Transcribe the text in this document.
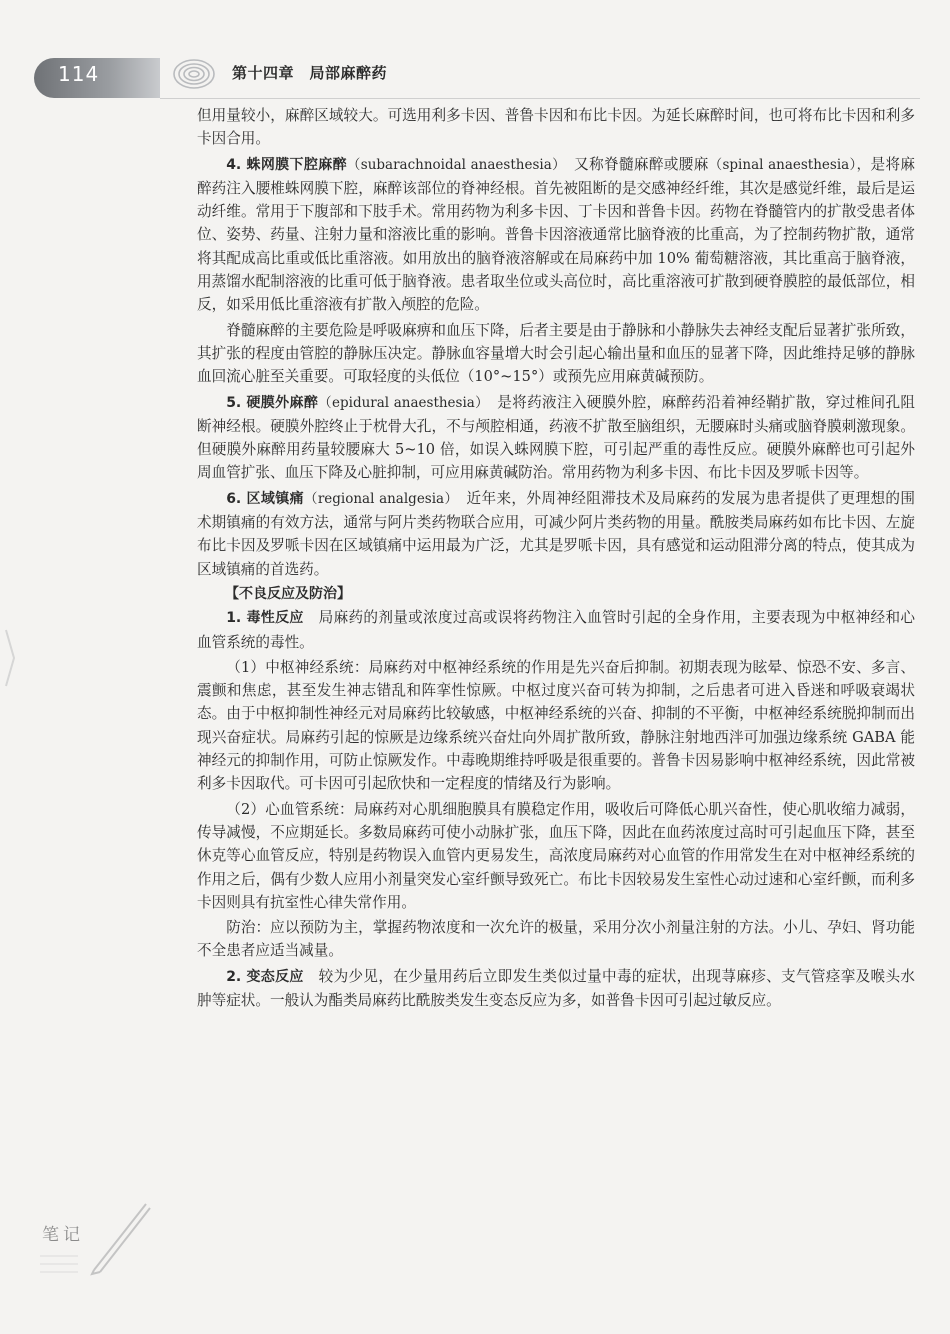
114	第十四章　局部麻醉药

但用量较小，麻醉区域较大。可选用利多卡因、普鲁卡因和布比卡因。为延长麻醉时间，也可将布比卡因和利多卡因合用。

4. 蛛网膜下腔麻醉（subarachnoidal anaesthesia）　又称脊髓麻醉或腰麻（spinal anaesthesia），是将麻醉药注入腰椎蛛网膜下腔，麻醉该部位的脊神经根。首先被阻断的是交感神经纤维，其次是感觉纤维，最后是运动纤维。常用于下腹部和下肢手术。常用药物为利多卡因、丁卡因和普鲁卡因。药物在脊髓管内的扩散受患者体位、姿势、药量、注射力量和溶液比重的影响。普鲁卡因溶液通常比脑脊液的比重高，为了控制药物扩散，通常将其配成高比重或低比重溶液。如用放出的脑脊液溶解或在局麻药中加 10% 葡萄糖溶液，其比重高于脑脊液，用蒸馏水配制溶液的比重可低于脑脊液。患者取坐位或头高位时，高比重溶液可扩散到硬脊膜腔的最低部位，相反，如采用低比重溶液有扩散入颅腔的危险。

脊髓麻醉的主要危险是呼吸麻痹和血压下降，后者主要是由于静脉和小静脉失去神经支配后显著扩张所致，其扩张的程度由管腔的静脉压决定。静脉血容量增大时会引起心输出量和血压的显著下降，因此维持足够的静脉血回流心脏至关重要。可取轻度的头低位（10°~15°）或预先应用麻黄碱预防。

5. 硬膜外麻醉（epidural anaesthesia）　是将药液注入硬膜外腔，麻醉药沿着神经鞘扩散，穿过椎间孔阻断神经根。硬膜外腔终止于枕骨大孔，不与颅腔相通，药液不扩散至脑组织，无腰麻时头痛或脑脊膜刺激现象。但硬膜外麻醉用药量较腰麻大 5~10 倍，如误入蛛网膜下腔，可引起严重的毒性反应。硬膜外麻醉也可引起外周血管扩张、血压下降及心脏抑制，可应用麻黄碱防治。常用药物为利多卡因、布比卡因及罗哌卡因等。

6. 区域镇痛（regional analgesia）　近年来，外周神经阻滞技术及局麻药的发展为患者提供了更理想的围术期镇痛的有效方法，通常与阿片类药物联合应用，可减少阿片类药物的用量。酰胺类局麻药如布比卡因、左旋布比卡因及罗哌卡因在区域镇痛中运用最为广泛，尤其是罗哌卡因，具有感觉和运动阻滞分离的特点，使其成为区域镇痛的首选药。

【不良反应及防治】

1. 毒性反应　局麻药的剂量或浓度过高或误将药物注入血管时引起的全身作用，主要表现为中枢神经和心血管系统的毒性。

（1）中枢神经系统：局麻药对中枢神经系统的作用是先兴奋后抑制。初期表现为眩晕、惊恐不安、多言、震颤和焦虑，甚至发生神志错乱和阵挛性惊厥。中枢过度兴奋可转为抑制，之后患者可进入昏迷和呼吸衰竭状态。由于中枢抑制性神经元对局麻药比较敏感，中枢神经系统的兴奋、抑制的不平衡，中枢神经系统脱抑制而出现兴奋症状。局麻药引起的惊厥是边缘系统兴奋灶向外周扩散所致，静脉注射地西泮可加强边缘系统 GABA 能神经元的抑制作用，可防止惊厥发作。中毒晚期维持呼吸是很重要的。普鲁卡因易影响中枢神经系统，因此常被利多卡因取代。可卡因可引起欣快和一定程度的情绪及行为影响。

（2）心血管系统：局麻药对心肌细胞膜具有膜稳定作用，吸收后可降低心肌兴奋性，使心肌收缩力减弱，传导减慢，不应期延长。多数局麻药可使小动脉扩张，血压下降，因此在血药浓度过高时可引起血压下降，甚至休克等心血管反应，特别是药物误入血管内更易发生，高浓度局麻药对心血管的作用常发生在对中枢神经系统的作用之后，偶有少数人应用小剂量突发心室纤颤导致死亡。布比卡因较易发生室性心动过速和心室纤颤，而利多卡因则具有抗室性心律失常作用。

防治：应以预防为主，掌握药物浓度和一次允许的极量，采用分次小剂量注射的方法。小儿、孕妇、肾功能不全患者应适当减量。

2. 变态反应　较为少见，在少量用药后立即发生类似过量中毒的症状，出现荨麻疹、支气管痉挛及喉头水肿等症状。一般认为酯类局麻药比酰胺类发生变态反应为多，如普鲁卡因可引起过敏反应。

笔记
